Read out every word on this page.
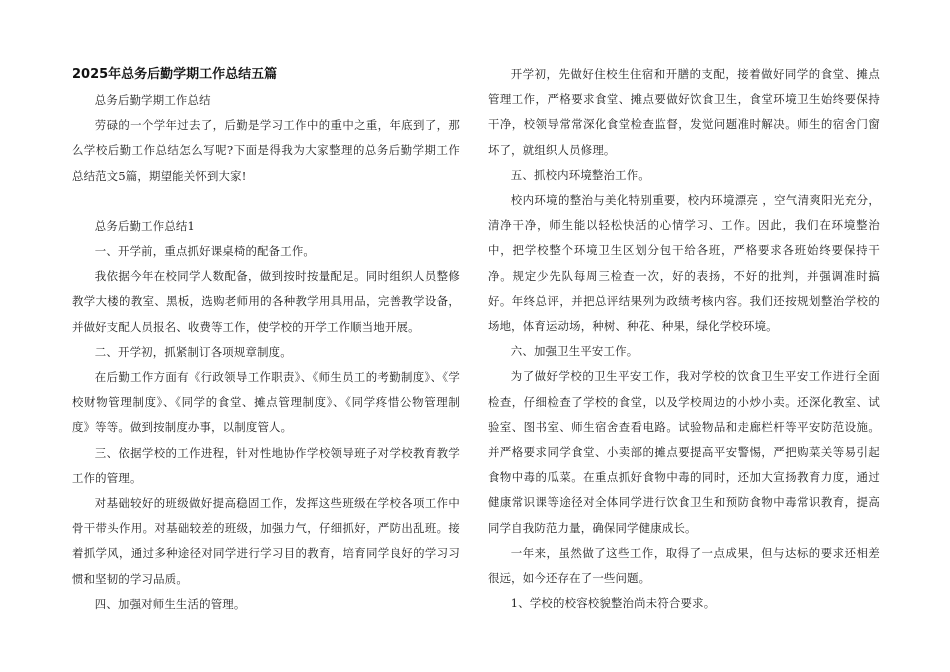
2025年总务后勤学期工作总结五篇

总务后勤学期工作总结

劳碌的一个学年过去了，后勤是学习工作中的重中之重，年底到了，那么学校后勤工作总结怎么写呢?下面是得我为大家整理的总务后勤学期工作总结范文5篇，期望能关怀到大家!

总务后勤工作总结1

一、开学前，重点抓好课桌椅的配备工作。

我依据今年在校同学人数配备，做到按时按量配足。同时组织人员整修教学大楼的教室、黑板，选购老师用的各种教学用具用品，完善教学设备，并做好支配人员报名、收费等工作，使学校的开学工作顺当地开展。

二、开学初，抓紧制订各项规章制度。

在后勤工作方面有《行政领导工作职责》、《师生员工的考勤制度》、《学校财物管理制度》、《同学的食堂、摊点管理制度》、《同学疼惜公物管理制度》等等。做到按制度办事，以制度管人。

三、依据学校的工作进程，针对性地协作学校领导班子对学校教育教学工作的管理。

对基础较好的班级做好提高稳固工作，发挥这些班级在学校各项工作中骨干带头作用。对基础较差的班级，加强力气，仔细抓好，严防出乱班。接着抓学风，通过多种途径对同学进行学习目的教育，培育同学良好的学习习惯和坚韧的学习品质。

四、加强对师生生活的管理。

开学初，先做好住校生住宿和开膳的支配，接着做好同学的食堂、摊点管理工作，严格要求食堂、摊点要做好饮食卫生，食堂环境卫生始终要保持干净，校领导常常深化食堂检查监督，发觉问题准时解决。师生的宿舍门窗坏了，就组织人员修理。

五、抓校内环境整治工作。

校内环境的整治与美化特别重要，校内环境漂亮 ，空气清爽阳光充分，清净干净，师生能以轻松快活的心情学习、工作。因此，我们在环境整治中，把学校整个环境卫生区划分包干给各班，严格要求各班始终要保持干净。规定少先队每周三检查一次，好的表扬，不好的批判，并强调准时搞好。年终总评，并把总评结果列为政绩考核内容。我们还按规划整治学校的场地，体育运动场，种树、种花、种果，绿化学校环境。

六、加强卫生平安工作。

为了做好学校的卫生平安工作，我对学校的饮食卫生平安工作进行全面检查，仔细检查了学校的食堂，以及学校周边的小炒小卖。还深化教室、试验室、图书室、师生宿舍查看电路。试验物品和走廊栏杆等平安防范设施。并严格要求同学食堂、小卖部的摊点要提高平安警惕，严把购菜关等易引起食物中毒的瓜菜。在重点抓好食物中毒的同时，还加大宣扬教育力度，通过健康常识课等途径对全体同学进行饮食卫生和预防食物中毒常识教育，提高同学自我防范力量，确保同学健康成长。

一年来，虽然做了这些工作，取得了一点成果，但与达标的要求还相差很远，如今还存在了一些问题。

1、学校的校容校貌整治尚未符合要求。
